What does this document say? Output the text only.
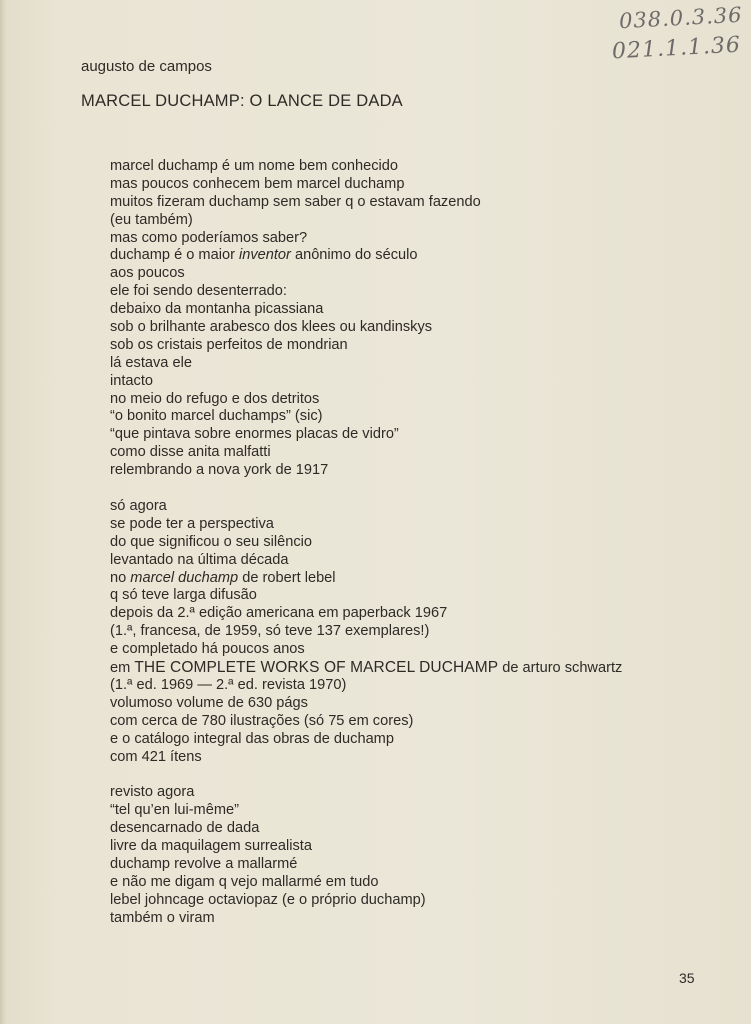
038.0.3.36
021.1.1.36
augusto de campos
MARCEL DUCHAMP: O LANCE DE DADA
marcel duchamp é um nome bem conhecido
mas poucos conhecem bem marcel duchamp
muitos fizeram duchamp sem saber q o estavam fazendo
(eu também)
mas como poderíamos saber?
duchamp é o maior inventor anônimo do século
aos poucos
ele foi sendo desenterrado:
debaixo da montanha picassiana
sob o brilhante arabesco dos klees ou kandinskys
sob os cristais perfeitos de mondrian
lá estava ele
intacto
no meio do refugo e dos detritos
“o bonito marcel duchamps” (sic)
“que pintava sobre enormes placas de vidro”
como disse anita malfatti
relembrando a nova york de 1917
só agora
se pode ter a perspectiva
do que significou o seu silêncio
levantado na última década
no marcel duchamp de robert lebel
q só teve larga difusão
depois da 2.ª edição americana em paperback 1967
(1.ª, francesa, de 1959, só teve 137 exemplares!)
e completado há poucos anos
em THE COMPLETE WORKS OF MARCEL DUCHAMP de arturo schwartz
(1.ª ed. 1969 — 2.ª ed. revista 1970)
volumoso volume de 630 págs
com cerca de 780 ilustrações (só 75 em cores)
e o catálogo integral das obras de duchamp
com 421 ítens
revisto agora
“tel qu’en lui-même”
desencarnado de dada
livre da maquilagem surrealista
duchamp revolve a mallarmé
e não me digam q vejo mallarmé em tudo
lebel johncage octaviopaz (e o próprio duchamp)
também o viram
35
